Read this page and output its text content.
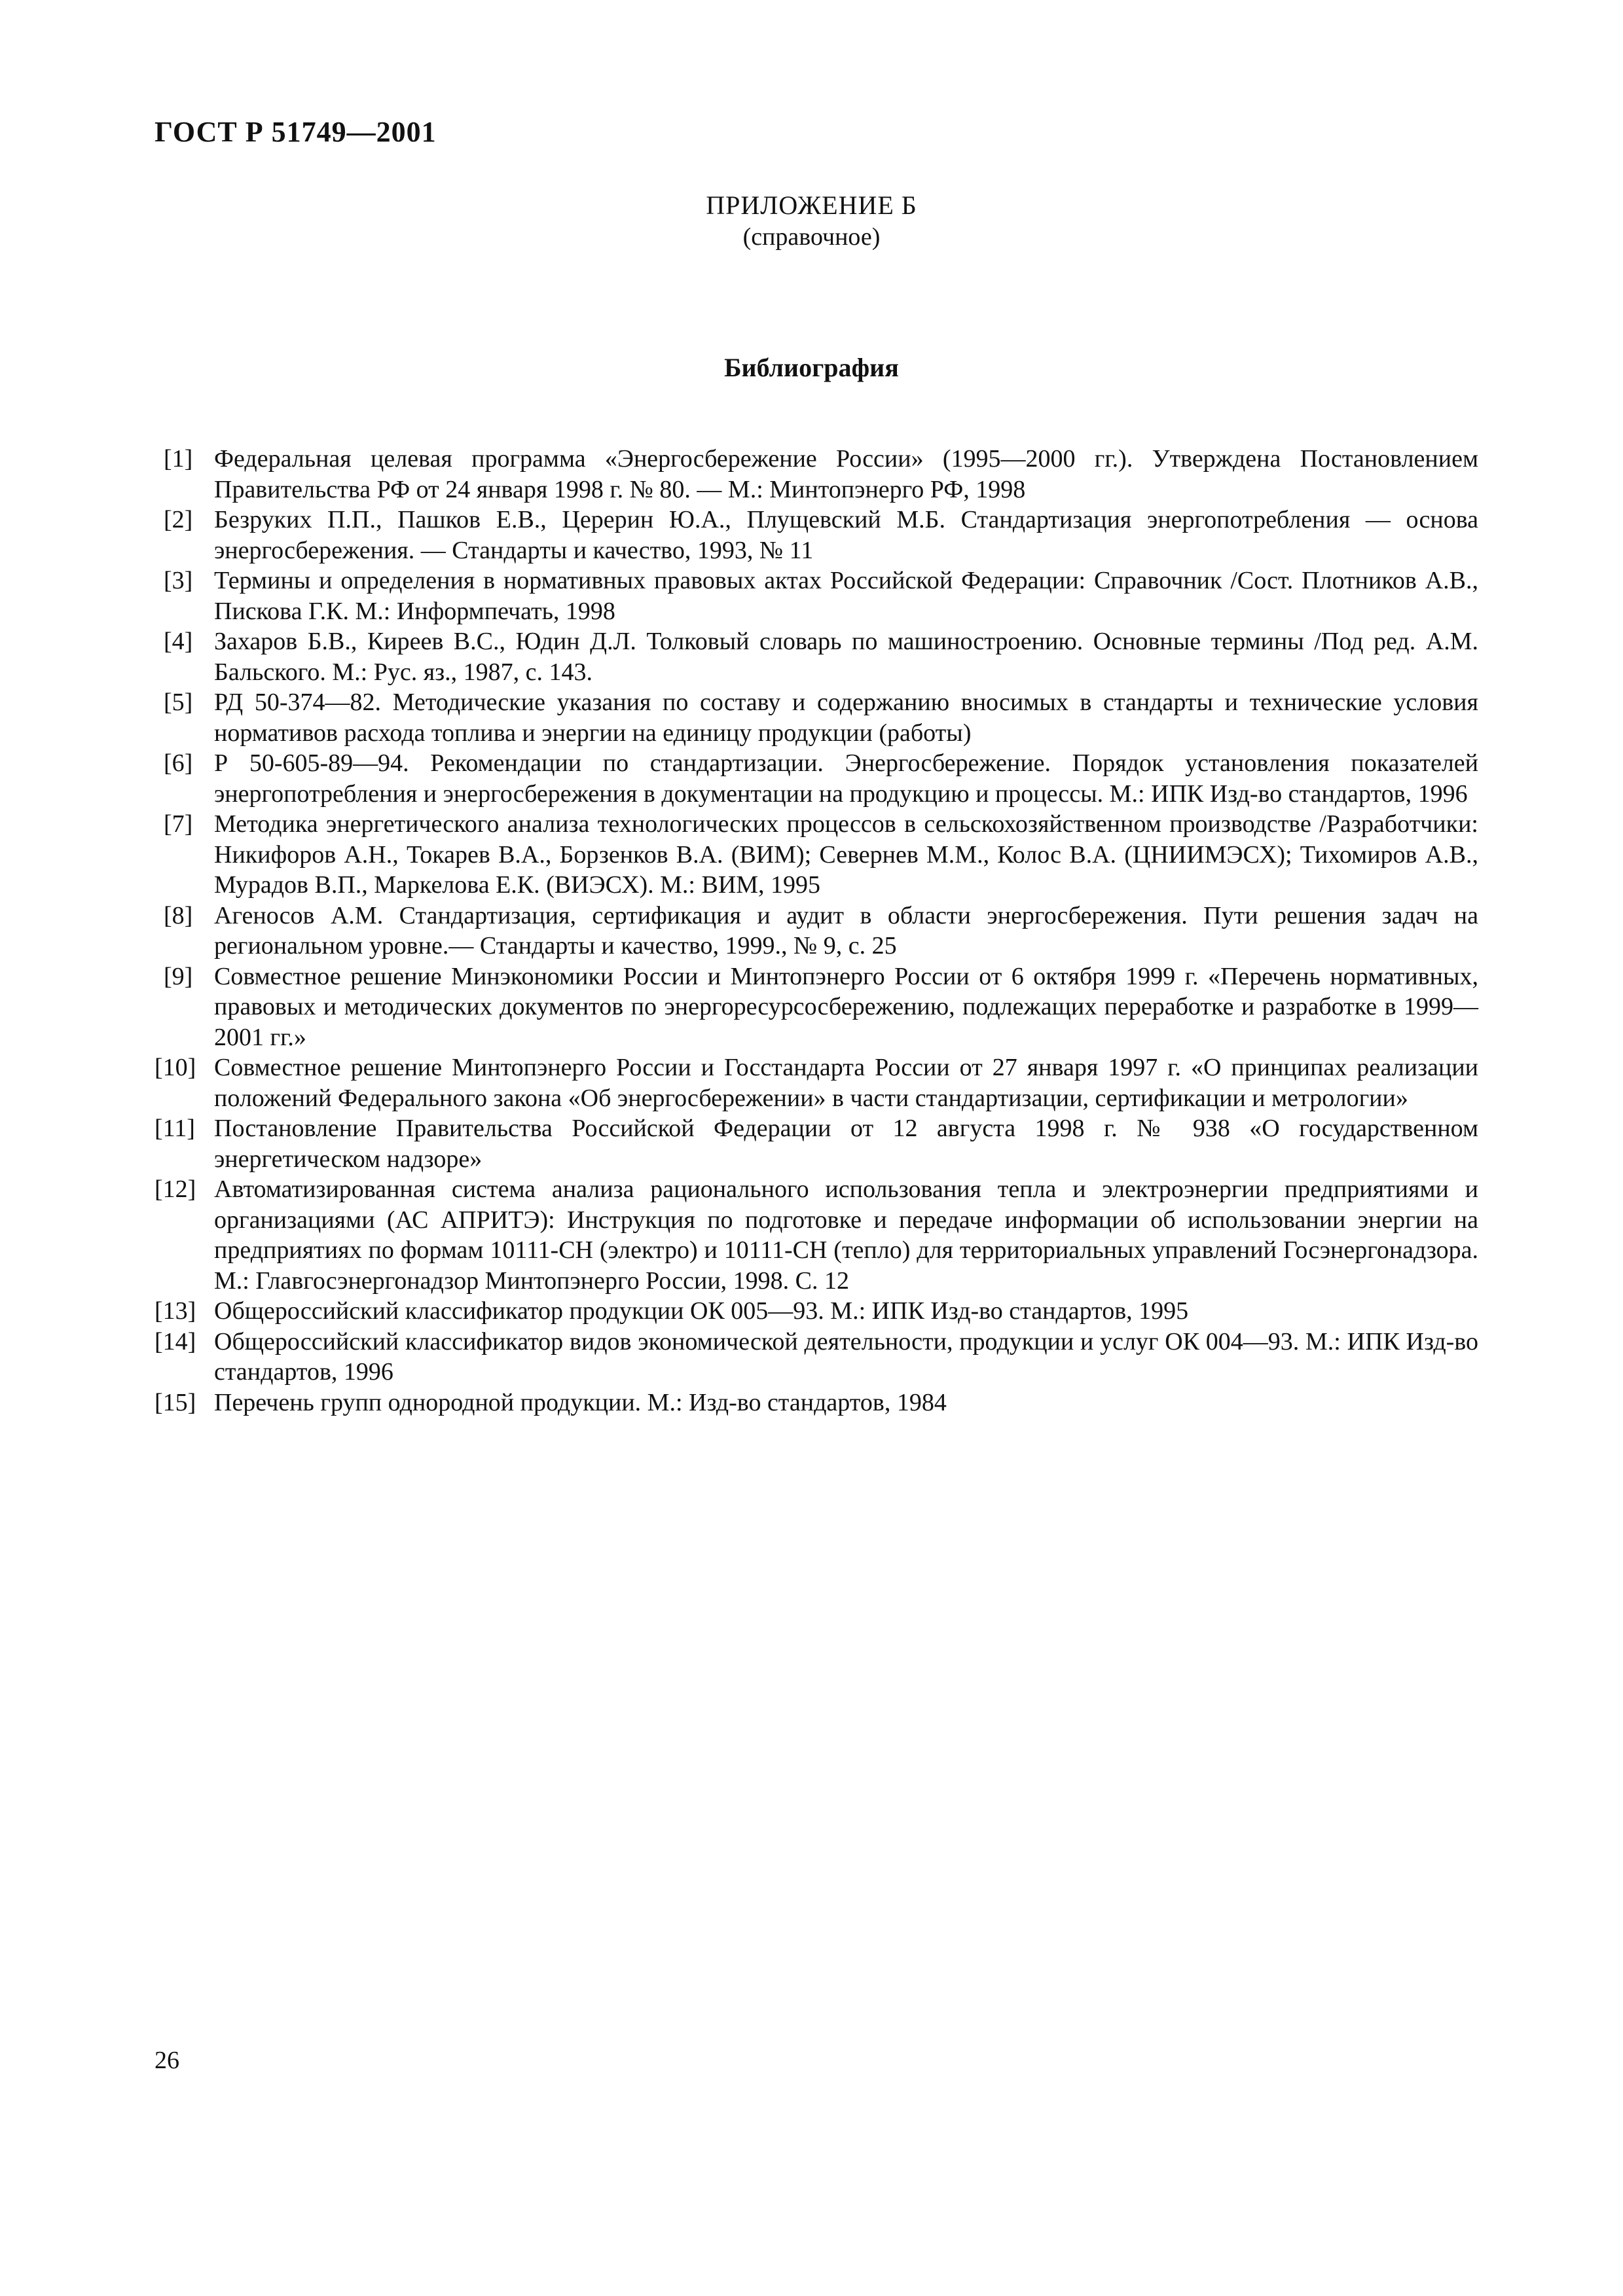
ГОСТ Р 51749—2001
ПРИЛОЖЕНИЕ Б
(справочное)
Библиография
[1] Федеральная целевая программа «Энергосбережение России» (1995—2000 гг.). Утверждена Постановлением Правительства РФ от 24 января 1998 г. № 80. — М.: Минтопэнерго РФ, 1998
[2] Безруких П.П., Пашков Е.В., Церерин Ю.А., Плущевский М.Б. Стандартизация энергопотребления — основа энергосбережения. — Стандарты и качество, 1993, № 11
[3] Термины и определения в нормативных правовых актах Российской Федерации: Справочник /Сост. Плотников А.В., Пискова Г.К. М.: Информпечать, 1998
[4] Захаров Б.В., Киреев В.С., Юдин Д.Л. Толковый словарь по машиностроению. Основные термины /Под ред. А.М. Бальского. М.: Рус. яз., 1987, с. 143.
[5] РД 50-374—82. Методические указания по составу и содержанию вносимых в стандарты и технические условия нормативов расхода топлива и энергии на единицу продукции (работы)
[6] Р 50-605-89—94. Рекомендации по стандартизации. Энергосбережение. Порядок установления показателей энергопотребления и энергосбережения в документации на продукцию и процессы. М.: ИПК Изд-во стандартов, 1996
[7] Методика энергетического анализа технологических процессов в сельскохозяйственном производстве /Разработчики: Никифоров А.Н., Токарев В.А., Борзенков В.А. (ВИМ); Севернев М.М., Колос В.А. (ЦНИИМЭСХ); Тихомиров А.В., Мурадов В.П., Маркелова Е.К. (ВИЭСХ). М.: ВИМ, 1995
[8] Агеносов А.М. Стандартизация, сертификация и аудит в области энергосбережения. Пути решения задач на региональном уровне.— Стандарты и качество, 1999., № 9, с. 25
[9] Совместное решение Минэкономики России и Минтопэнерго России от 6 октября 1999 г. «Перечень нормативных, правовых и методических документов по энергоресурсосбережению, подлежащих переработке и разработке в 1999—2001 гг.»
[10] Совместное решение Минтопэнерго России и Госстандарта России от 27 января 1997 г. «О принципах реализации положений Федерального закона «Об энергосбережении» в части стандартизации, сертификации и метрологии»
[11] Постановление Правительства Российской Федерации от 12 августа 1998 г. № 938 «О государственном энергетическом надзоре»
[12] Автоматизированная система анализа рационального использования тепла и электроэнергии предприятиями и организациями (АС АПРИТЭ): Инструкция по подготовке и передаче информации об использовании энергии на предприятиях по формам 10111-СН (электро) и 10111-СН (тепло) для территориальных управлений Госэнергонадзора. М.: Главгосэнергонадзор Минтопэнерго России, 1998. С. 12
[13] Общероссийский классификатор продукции ОК 005—93. М.: ИПК Изд-во стандартов, 1995
[14] Общероссийский классификатор видов экономической деятельности, продукции и услуг ОК 004—93. М.: ИПК Изд-во стандартов, 1996
[15] Перечень групп однородной продукции. М.: Изд-во стандартов, 1984
26
